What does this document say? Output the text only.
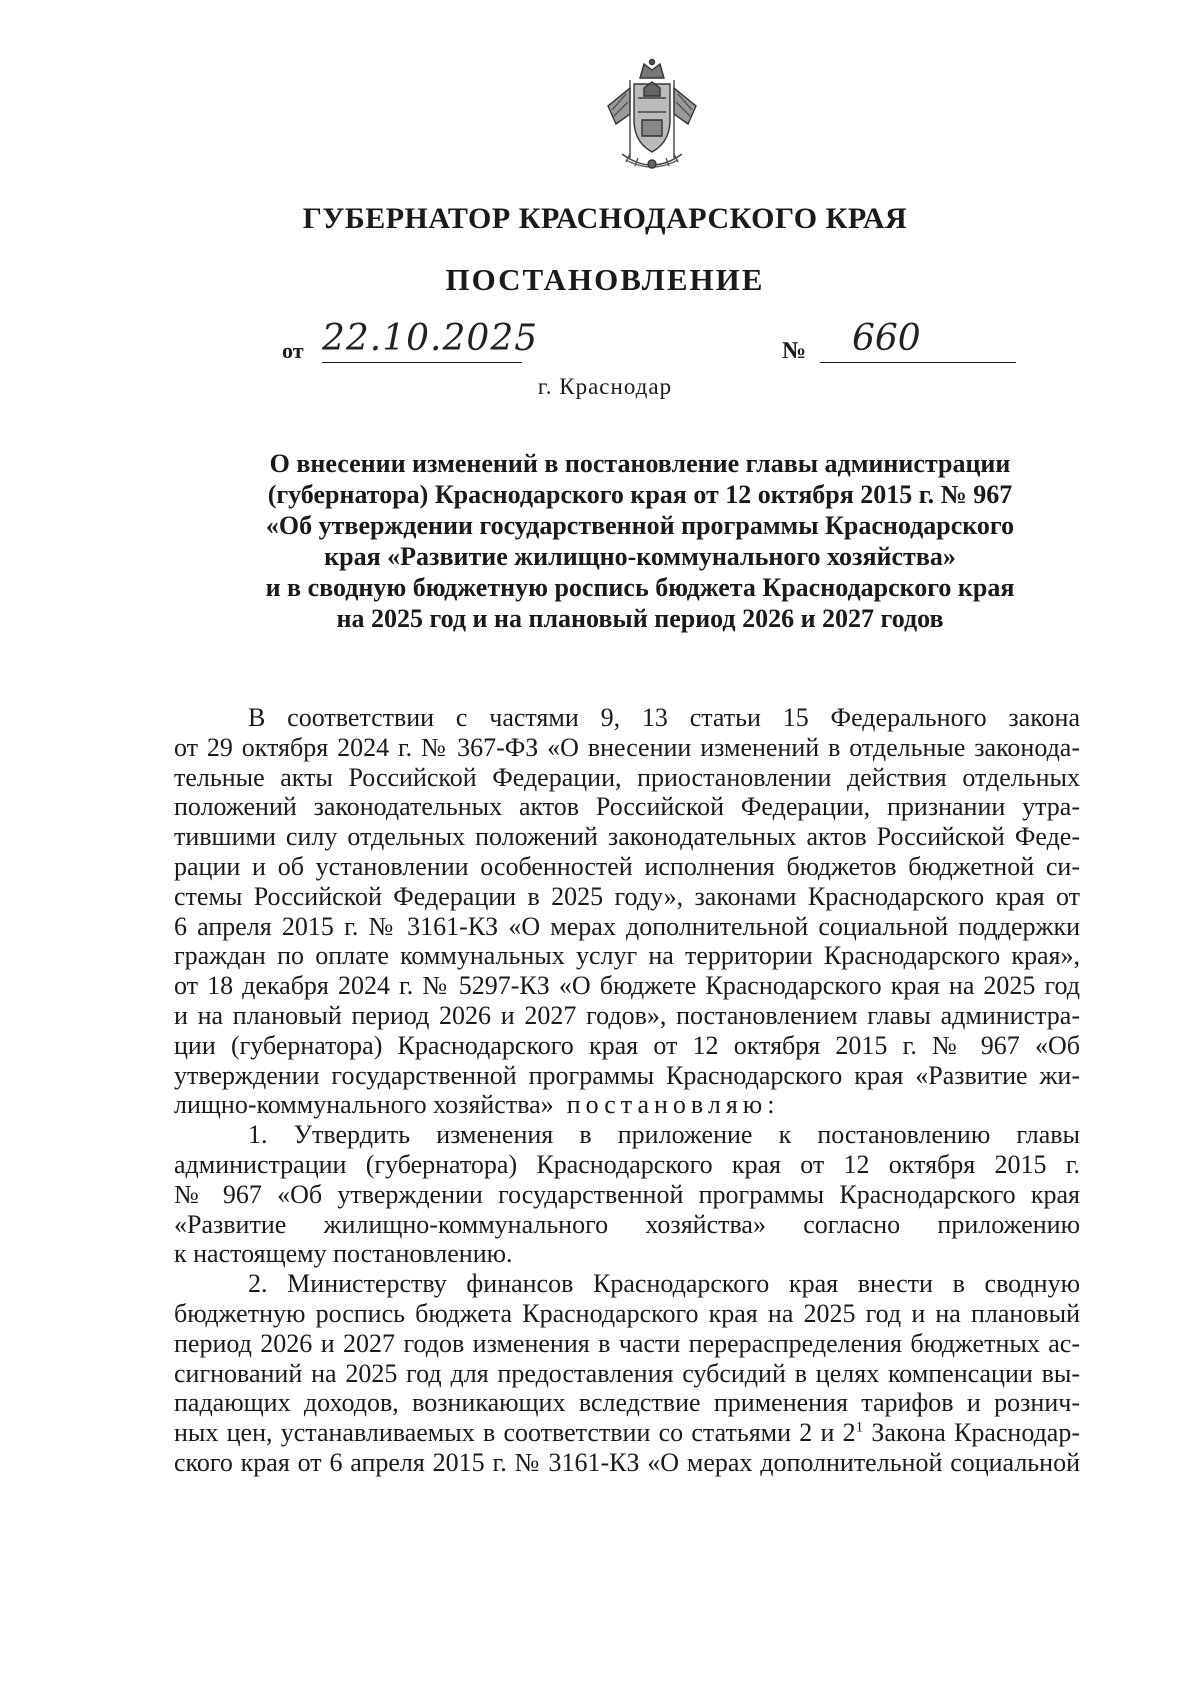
ГУБЕРНАТОР КРАСНОДАРСКОГО КРАЯ
ПОСТАНОВЛЕНИЕ
от 22.10.2025	№ 660
г. Краснодар
О внесении изменений в постановление главы администрации
(губернатора) Краснодарского края от 12 октября 2015 г. № 967
«Об утверждении государственной программы Краснодарского
края «Развитие жилищно-коммунального хозяйства»
и в сводную бюджетную роспись бюджета Краснодарского края
на 2025 год и на плановый период 2026 и 2027 годов
В соответствии с частями 9, 13 статьи 15 Федерального закона
от 29 октября 2024 г. № 367-ФЗ «О внесении изменений в отдельные законода-
тельные акты Российской Федерации, приостановлении действия отдельных
положений законодательных актов Российской Федерации, признании утра-
тившими силу отдельных положений законодательных актов Российской Феде-
рации и об установлении особенностей исполнения бюджетов бюджетной си-
стемы Российской Федерации в 2025 году», законами Краснодарского края от
6 апреля 2015 г. № 3161-КЗ «О мерах дополнительной социальной поддержки
граждан по оплате коммунальных услуг на территории Краснодарского края»,
от 18 декабря 2024 г. № 5297-КЗ «О бюджете Краснодарского края на 2025 год
и на плановый период 2026 и 2027 годов», постановлением главы администра-
ции (губернатора) Краснодарского края от 12 октября 2015 г. № 967 «Об
утверждении государственной программы Краснодарского края «Развитие жи-
лищно-коммунального хозяйства» постановляю:
1. Утвердить изменения в приложение к постановлению главы
администрации (губернатора) Краснодарского края от 12 октября 2015 г.
№ 967 «Об утверждении государственной программы Краснодарского края
«Развитие жилищно-коммунального хозяйства» согласно приложению
к настоящему постановлению.
2. Министерству финансов Краснодарского края внести в сводную
бюджетную роспись бюджета Краснодарского края на 2025 год и на плановый
период 2026 и 2027 годов изменения в части перераспределения бюджетных ас-
сигнований на 2025 год для предоставления субсидий в целях компенсации вы-
падающих доходов, возникающих вследствие применения тарифов и рознич-
ных цен, устанавливаемых в соответствии со статьями 2 и $2^1$ Закона Краснодар-
ского края от 6 апреля 2015 г. № 3161-КЗ «О мерах дополнительной социальной
